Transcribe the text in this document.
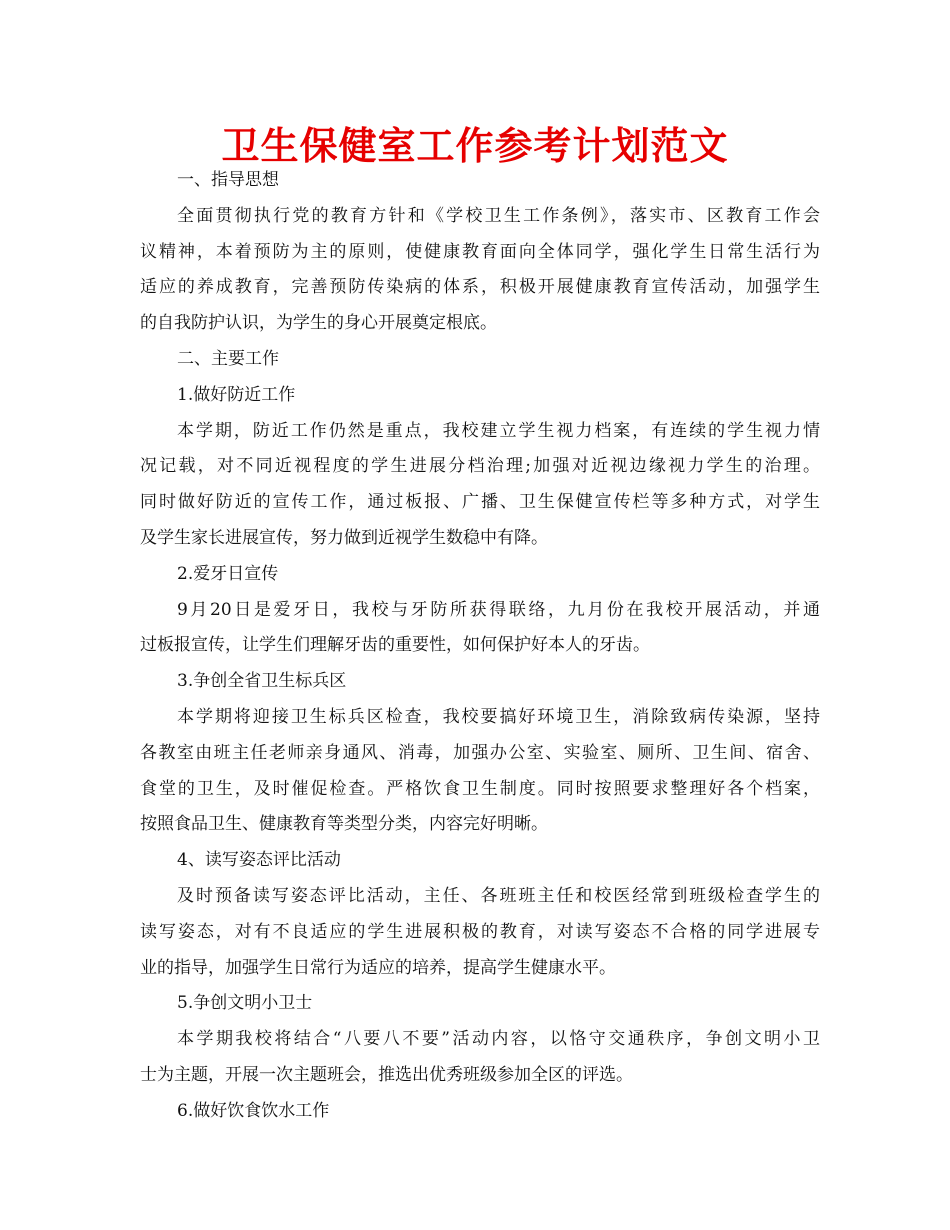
卫生保健室工作参考计划范文
一、指导思想
全面贯彻执行党的教育方针和《学校卫生工作条例》，落实市、区教育工作会
议精神，本着预防为主的原则，使健康教育面向全体同学，强化学生日常生活行为
适应的养成教育，完善预防传染病的体系，积极开展健康教育宣传活动，加强学生
的自我防护认识，为学生的身心开展奠定根底。
二、主要工作
1.做好防近工作
本学期，防近工作仍然是重点，我校建立学生视力档案，有连续的学生视力情
况记载，对不同近视程度的学生进展分档治理;加强对近视边缘视力学生的治理。
同时做好防近的宣传工作，通过板报、广播、卫生保健宣传栏等多种方式，对学生
及学生家长进展宣传，努力做到近视学生数稳中有降。
2.爱牙日宣传
9月20日是爱牙日，我校与牙防所获得联络，九月份在我校开展活动，并通
过板报宣传，让学生们理解牙齿的重要性，如何保护好本人的牙齿。
3.争创全省卫生标兵区
本学期将迎接卫生标兵区检查，我校要搞好环境卫生，消除致病传染源，坚持
各教室由班主任老师亲身通风、消毒，加强办公室、实验室、厕所、卫生间、宿舍、
食堂的卫生，及时催促检查。严格饮食卫生制度。同时按照要求整理好各个档案，
按照食品卫生、健康教育等类型分类，内容完好明晰。
4、读写姿态评比活动
及时预备读写姿态评比活动，主任、各班班主任和校医经常到班级检查学生的
读写姿态，对有不良适应的学生进展积极的教育，对读写姿态不合格的同学进展专
业的指导，加强学生日常行为适应的培养，提高学生健康水平。
5.争创文明小卫士
本学期我校将结合“八要八不要”活动内容，以恪守交通秩序，争创文明小卫
士为主题，开展一次主题班会，推选出优秀班级参加全区的评选。
6.做好饮食饮水工作
